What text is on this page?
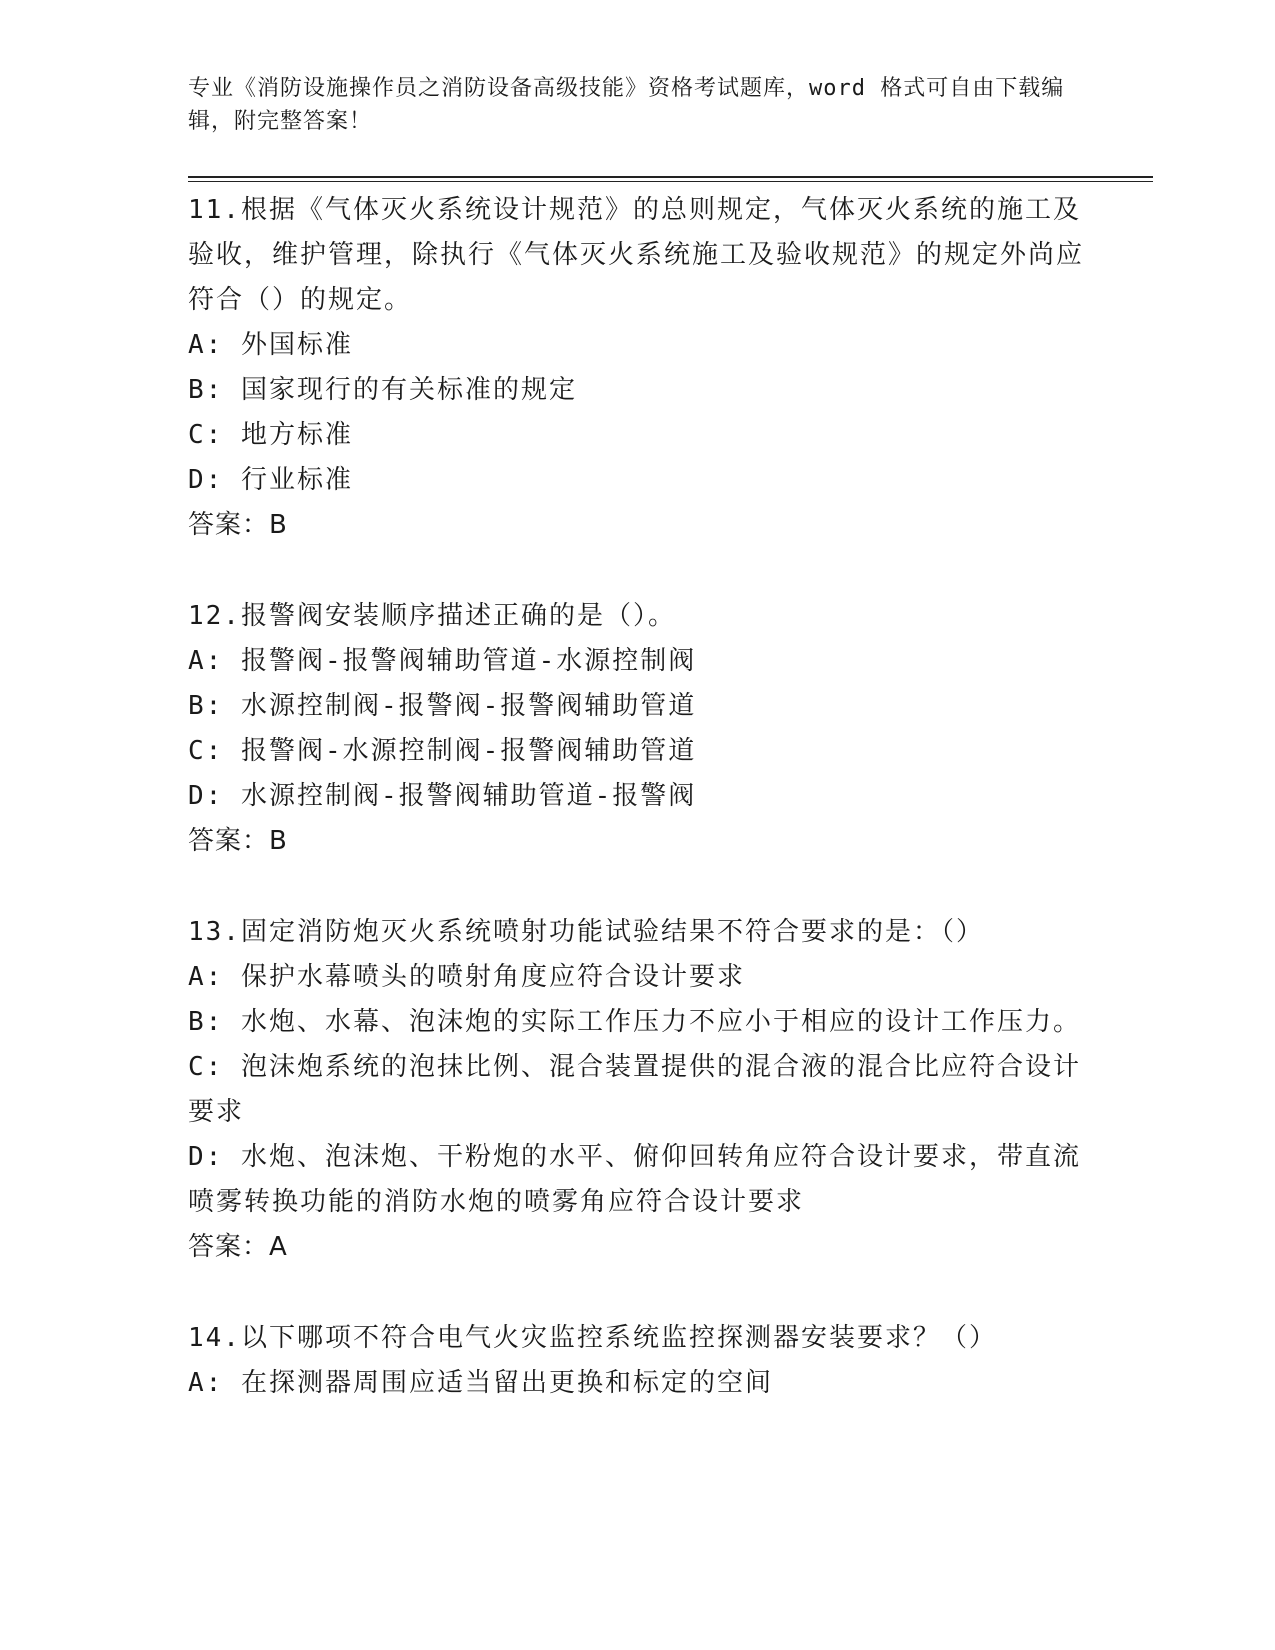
专业《消防设施操作员之消防设备高级技能》资格考试题库，word 格式可自由下载编辑，附完整答案！

11.根据《气体灭火系统设计规范》的总则规定，气体灭火系统的施工及验收，维护管理，除执行《气体灭火系统施工及验收规范》的规定外尚应符合（）的规定。

A: 外国标准

B: 国家现行的有关标准的规定

C: 地方标准

D: 行业标准

答案：B

12.报警阀安装顺序描述正确的是（）。

A: 报警阀-报警阀辅助管道-水源控制阀

B: 水源控制阀-报警阀-报警阀辅助管道

C: 报警阀-水源控制阀-报警阀辅助管道

D: 水源控制阀-报警阀辅助管道-报警阀

答案：B

13.固定消防炮灭火系统喷射功能试验结果不符合要求的是：（）

A: 保护水幕喷头的喷射角度应符合设计要求

B: 水炮、水幕、泡沫炮的实际工作压力不应小于相应的设计工作压力。

C: 泡沫炮系统的泡抹比例、混合装置提供的混合液的混合比应符合设计要求

D: 水炮、泡沫炮、干粉炮的水平、俯仰回转角应符合设计要求，带直流喷雾转换功能的消防水炮的喷雾角应符合设计要求

答案：A

14.以下哪项不符合电气火灾监控系统监控探测器安装要求？（）

A: 在探测器周围应适当留出更换和标定的空间
